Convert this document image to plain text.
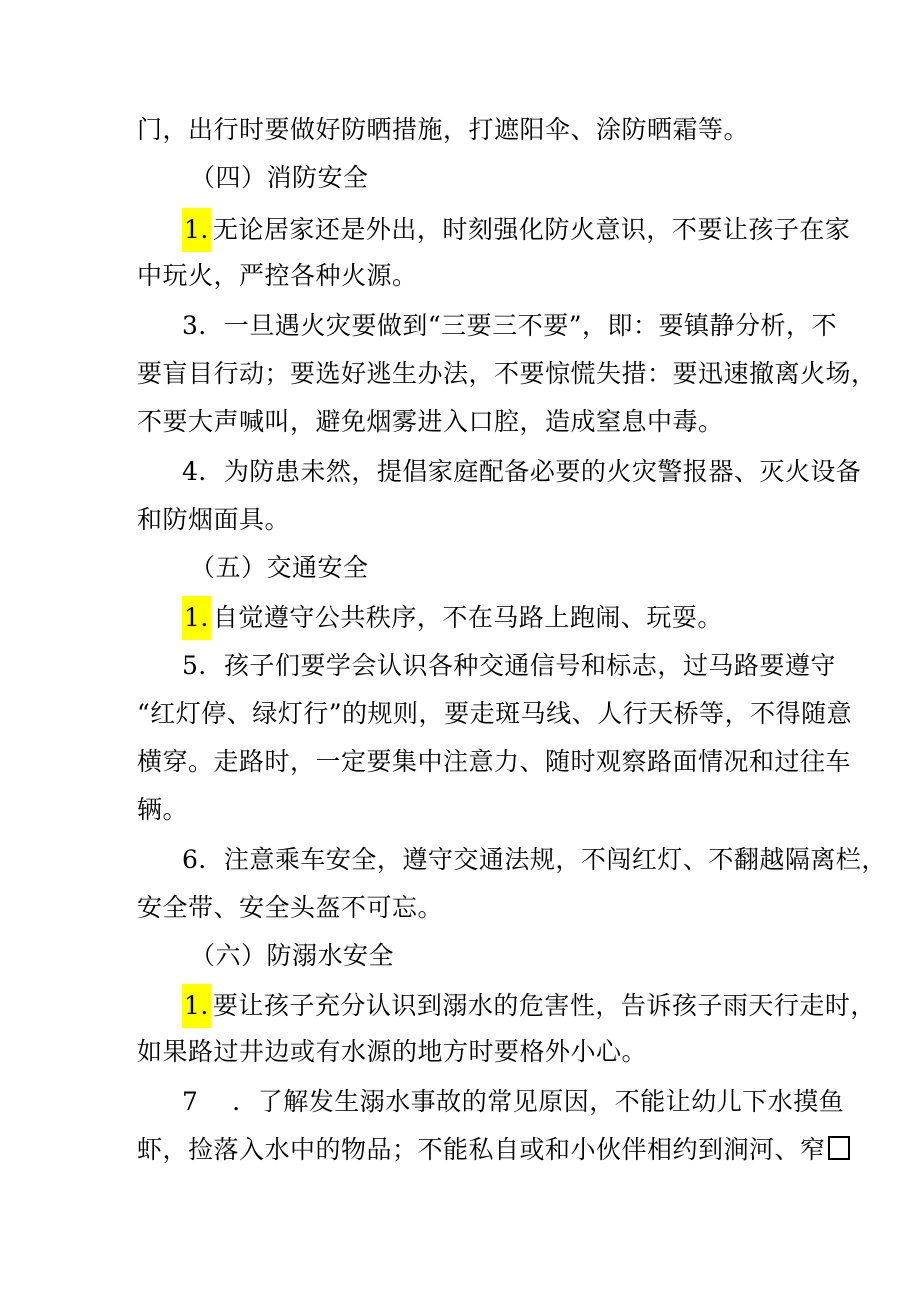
门，出行时要做好防晒措施，打遮阳伞、涂防晒霜等。
（四）消防安全
1. 无论居家还是外出，时刻强化防火意识，不要让孩子在家
中玩火，严控各种火源。
3．一旦遇火灾要做到“三要三不要”，即：要镇静分析，不
要盲目行动；要选好逃生办法，不要惊慌失措：要迅速撤离火场，
不要大声喊叫，避免烟雾进入口腔，造成窒息中毒。
4．为防患未然，提倡家庭配备必要的火灾警报器、灭火设备
和防烟面具。
（五）交通安全
1. 自觉遵守公共秩序，不在马路上跑闹、玩耍。
5．孩子们要学会认识各种交通信号和标志，过马路要遵守
“红灯停、绿灯行”的规则，要走斑马线、人行天桥等，不得随意
横穿。走路时，一定要集中注意力、随时观察路面情况和过往车
辆。
6．注意乘车安全，遵守交通法规，不闯红灯、不翻越隔离栏，
安全带、安全头盔不可忘。
（六）防溺水安全
1. 要让孩子充分认识到溺水的危害性，告诉孩子雨天行走时，
如果路过井边或有水源的地方时要格外小心。
7    ．了解发生溺水事故的常见原因，不能让幼儿下水摸鱼
虾，捡落入水中的物品；不能私自或和小伙伴相约到涧河、窄
